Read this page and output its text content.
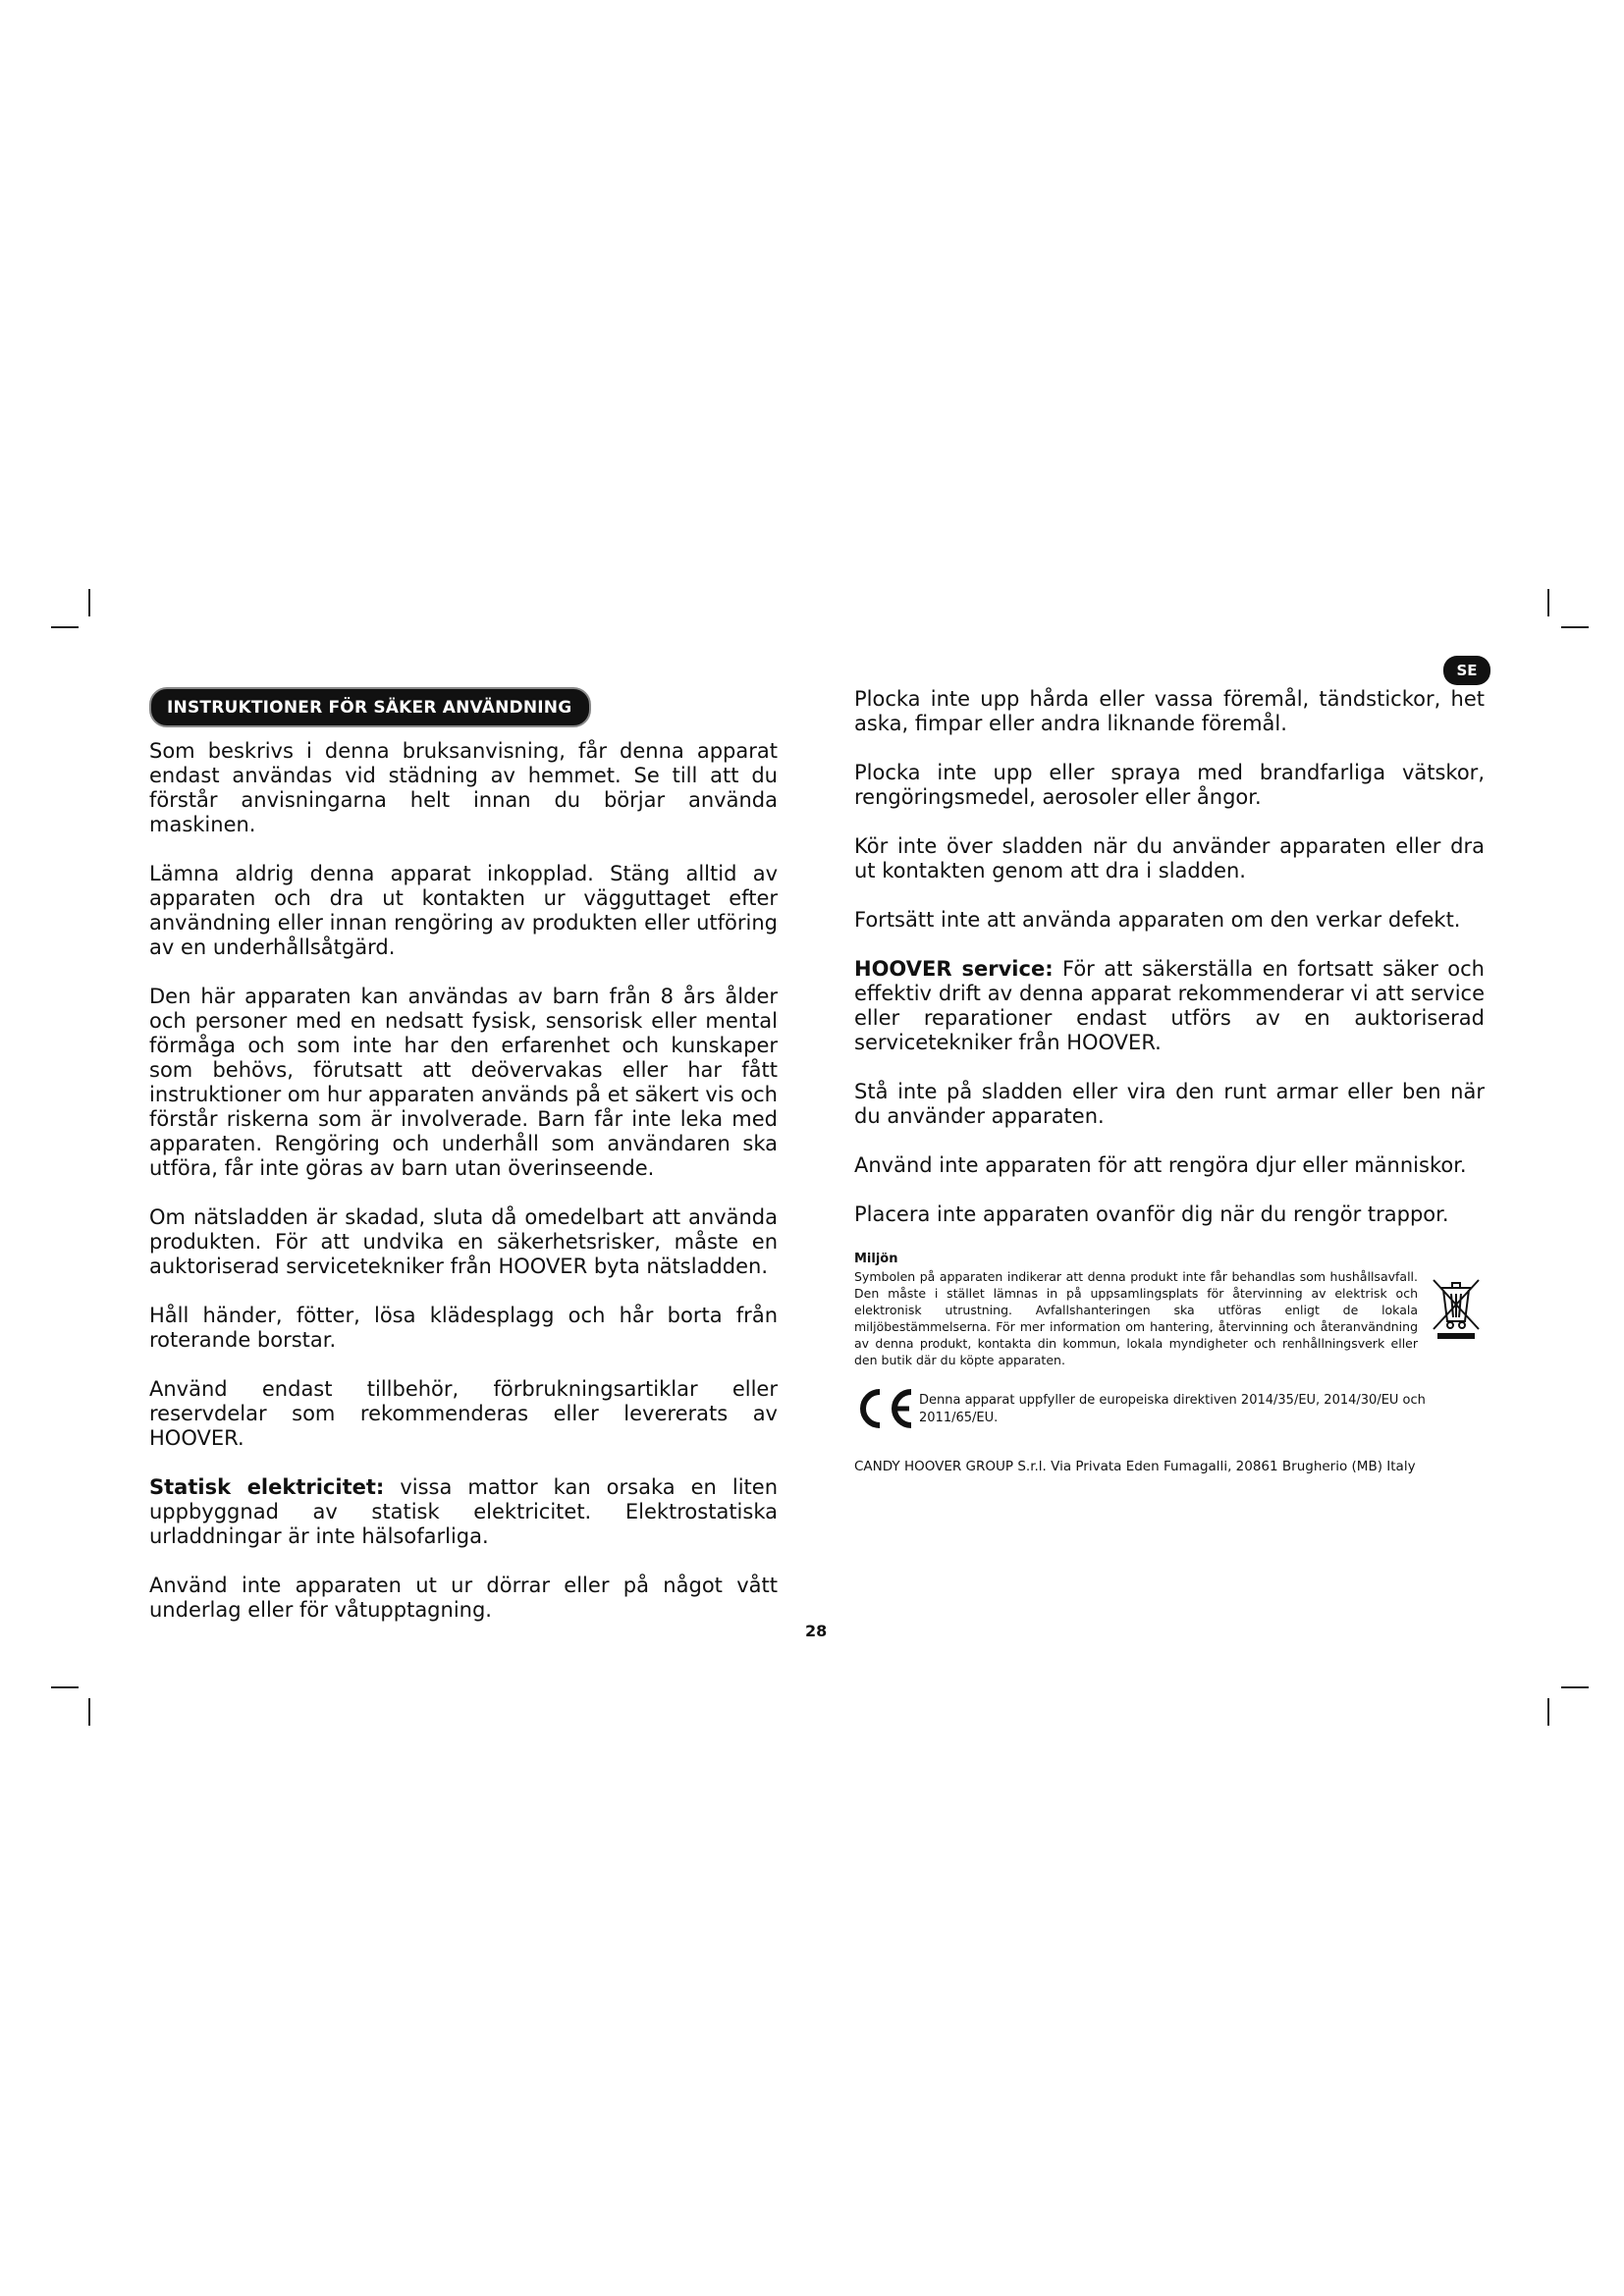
SE
INSTRUKTIONER FÖR SÄKER ANVÄNDNING

Som beskrivs i denna bruksanvisning, får denna apparat endast användas vid städning av hemmet. Se till att du förstår anvisningarna helt innan du börjar använda maskinen.

Lämna aldrig denna apparat inkopplad. Stäng alltid av apparaten och dra ut kontakten ur vägguttaget efter användning eller innan rengöring av produkten eller utföring av en underhållsåtgärd.

Den här apparaten kan användas av barn från 8 års ålder och personer med en nedsatt fysisk, sensorisk eller mental förmåga och som inte har den erfarenhet och kunskaper som behövs, förutsatt att deövervakas eller har fått instruktioner om hur apparaten används på et säkert vis och förstår riskerna som är involverade. Barn får inte leka med apparaten. Rengöring och underhåll som användaren ska utföra, får inte göras av barn utan överinseende.

Om nätsladden är skadad, sluta då omedelbart att använda produkten. För att undvika en säkerhetsrisker, måste en auktoriserad servicetekniker från HOOVER byta nätsladden.

Håll händer, fötter, lösa klädesplagg och hår borta från roterande borstar.

Använd endast tillbehör, förbrukningsartiklar eller reservdelar som rekommenderas eller levererats av HOOVER.

Statisk elektricitet: vissa mattor kan orsaka en liten uppbyggnad av statisk elektricitet. Elektrostatiska urladdningar är inte hälsofarliga.

Använd inte apparaten ut ur dörrar eller på något vått underlag eller för våtupptagning.

Plocka inte upp hårda eller vassa föremål, tändstickor, het aska, fimpar eller andra liknande föremål.

Plocka inte upp eller spraya med brandfarliga vätskor, rengöringsmedel, aerosoler eller ångor.

Kör inte över sladden när du använder apparaten eller dra ut kontakten genom att dra i sladden.

Fortsätt inte att använda apparaten om den verkar defekt.

HOOVER service: För att säkerställa en fortsatt säker och effektiv drift av denna apparat rekommenderar vi att service eller reparationer endast utförs av en auktoriserad servicetekniker från HOOVER.

Stå inte på sladden eller vira den runt armar eller ben när du använder apparaten.

Använd inte apparaten för att rengöra djur eller människor.

Placera inte apparaten ovanför dig när du rengör trappor.

Miljön
Symbolen på apparaten indikerar att denna produkt inte får behandlas som hushållsavfall. Den måste i stället lämnas in på uppsamlingsplats för återvinning av elektrisk och elektronisk utrustning. Avfallshanteringen ska utföras enligt de lokala miljöbestämmelserna. För mer information om hantering, återvinning och återanvändning av denna produkt, kontakta din kommun, lokala myndigheter och renhållningsverk eller den butik där du köpte apparaten.
Denna apparat uppfyller de europeiska direktiven 2014/35/EU, 2014/30/EU och 2011/65/EU.
CANDY HOOVER GROUP S.r.l. Via Privata Eden Fumagalli, 20861 Brugherio (MB) Italy
28
